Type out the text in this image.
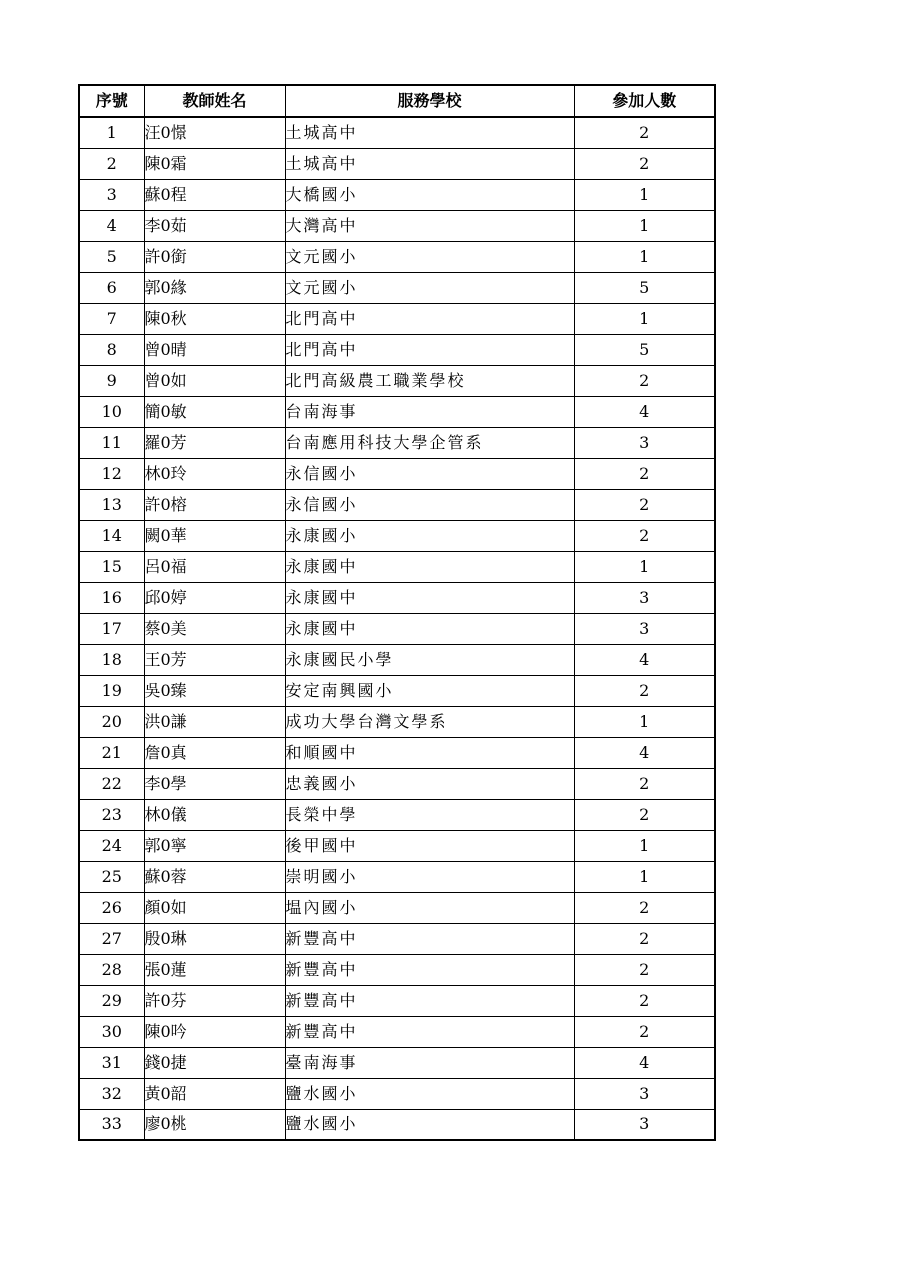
序號	教師姓名	服務學校	參加人數
1	汪0憬	土城高中	2
2	陳0霜	土城高中	2
3	蘇0程	大橋國小	1
4	李0茹	大灣高中	1
5	許0銜	文元國小	1
6	郭0緣	文元國小	5
7	陳0秋	北門高中	1
8	曾0晴	北門高中	5
9	曾0如	北門高級農工職業學校	2
10	簡0敏	台南海事	4
11	羅0芳	台南應用科技大學企管系	3
12	林0玲	永信國小	2
13	許0榕	永信國小	2
14	闕0華	永康國小	2
15	呂0福	永康國中	1
16	邱0婷	永康國中	3
17	蔡0美	永康國中	3
18	王0芳	永康國民小學	4
19	吳0臻	安定南興國小	2
20	洪0謙	成功大學台灣文學系	1
21	詹0真	和順國中	4
22	李0學	忠義國小	2
23	林0儀	長榮中學	2
24	郭0寧	後甲國中	1
25	蘇0蓉	崇明國小	1
26	顏0如	塭內國小	2
27	殷0琳	新豐高中	2
28	張0蓮	新豐高中	2
29	許0芬	新豐高中	2
30	陳0吟	新豐高中	2
31	錢0捷	臺南海事	4
32	黃0韶	鹽水國小	3
33	廖0桃	鹽水國小	3
